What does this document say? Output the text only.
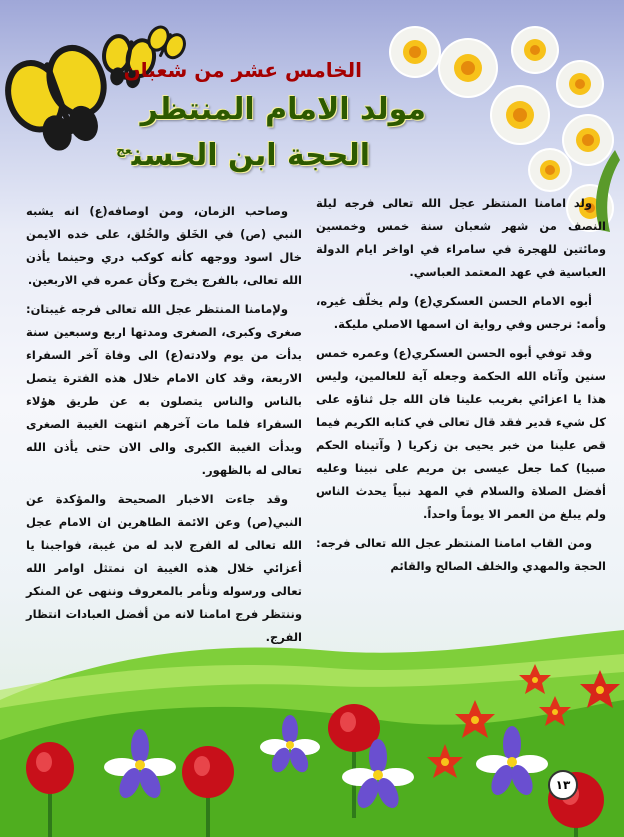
الخامس عشر من شعبان
مولد الامام المنتظر
الحجة ابن الحسن$^{عج}$

ولد امامنا المنتظر عجل الله تعالى فرجه ليلة النصف من شهر شعبان سنة خمس وخمسين ومائتين للهجرة في سامراء في اواخر ايام الدولة العباسية في عهد المعتمد العباسي.

أبوه الامام الحسن العسكري(ع) ولم يخلّف غيره، وأمه: نرجس وفي رواية ان اسمها الاصلي مليكة.

وقد توفي أبوه الحسن العسكري(ع) وعمره خمس سنين وآتاه الله الحكمة وجعله آية للعالمين، وليس هذا يا اعزائي بغريب علينا فان الله جل ثناؤه على كل شيء قدير فقد قال تعالى في كتابه الكريم فيما قص علينا من خبر يحيى بن زكريا ( وآتيناه الحكم صبيا) كما جعل عيسى بن مريم على نبينا وعليه أفضل الصلاة والسلام في المهد نبياً يحدث الناس ولم يبلغ من العمر الا يوماً واحداً.

ومن القاب امامنا المنتظر عجل الله تعالى فرجه: الحجة والمهدي والخلف الصالح والقائم

وصاحب الزمان، ومن اوصافه(ع) انه يشبه النبي (ص) في الخَلق والخُلق، على خده الايمن خال اسود ووجهه كأنه كوكب دري وحينما يأذن الله تعالى، بالفرج يخرج وكأن عمره في الاربعين.

ولإمامنا المنتظر عجل الله تعالى فرجه غيبتان: صغرى وكبرى، الصغرى ومدتها اربع وسبعين سنة بدأت من يوم ولادته(ع) الى وفاة آخر السفراء الاربعة، وقد كان الامام خلال هذه الفترة يتصل بالناس والناس يتصلون به عن طريق هؤلاء السفراء فلما مات آخرهم انتهت الغيبة الصغرى وبدأت الغيبة الكبرى والى الان حتى يأذن الله تعالى له بالظهور.

وقد جاءت الاخبار الصحيحة والمؤكدة عن النبي(ص) وعن الائمة الطاهرين ان الامام عجل الله تعالى له الفرج لابد له من غيبة، فواجبنا يا أعزائي خلال هذه الغيبة ان نمتثل اوامر الله تعالى ورسوله ونأمر بالمعروف وننهى عن المنكر وننتظر فرج امامنا لانه من أفضل العبادات انتظار الفرج.

١٣
